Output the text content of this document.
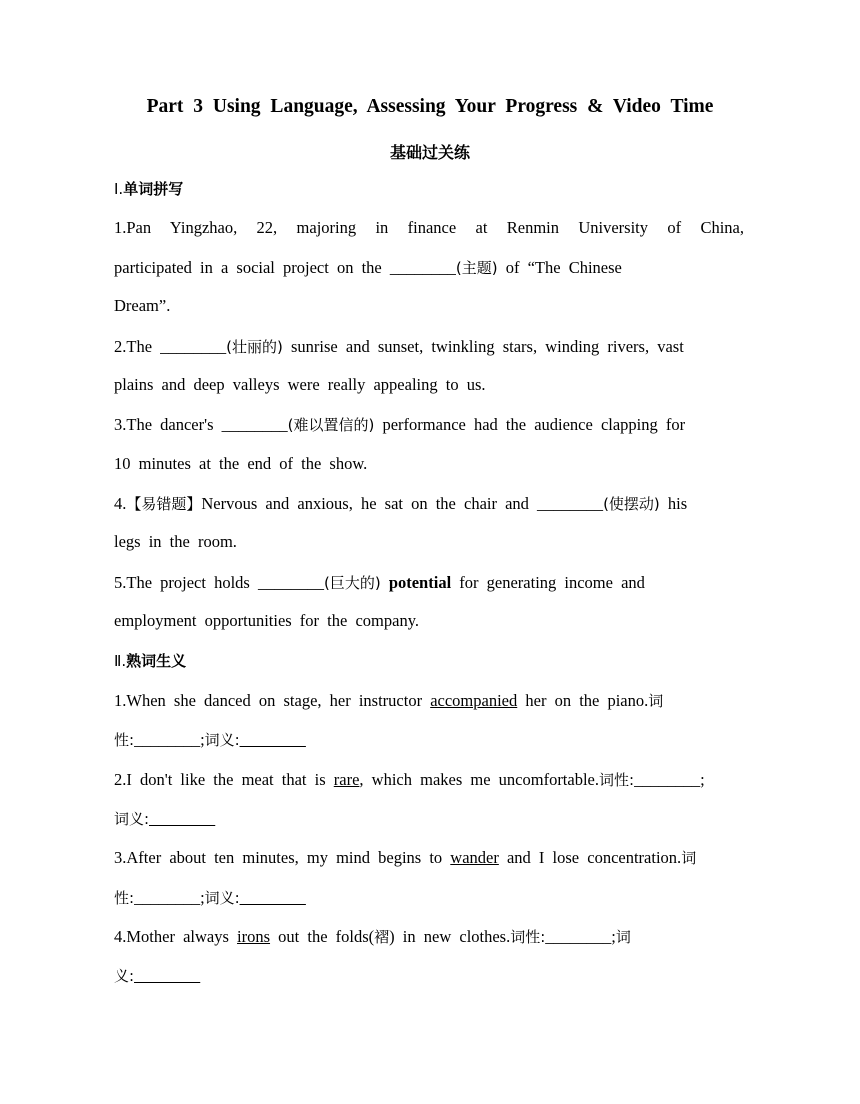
Part 3 Using Language, Assessing Your Progress & Video Time
基础过关练
Ⅰ.单词拼写
1.Pan Yingzhao, 22, majoring in finance at Renmin University of China,
participated in a social project on the ________(主题) of “The Chinese
Dream”.
2.The ________(壮丽的) sunrise and sunset, twinkling stars, winding rivers, vast
plains and deep valleys were really appealing to us.
3.The dancer's ________(难以置信的) performance had the audience clapping for
10 minutes at the end of the show.
4.【易错题】Nervous and anxious, he sat on the chair and ________(使摆动) his
legs in the room.
5.The project holds ________(巨大的) potential for generating income and
employment opportunities for the company.
Ⅱ.熟词生义
1.When she danced on stage, her instructor accompanied her on the piano.词
性:________;词义:________
2.I don't like the meat that is rare, which makes me uncomfortable.词性:________;
词义:________
3.After about ten minutes, my mind begins to wander and I lose concentration.词
性:________;词义:________
4.Mother always irons out the folds(褶) in new clothes.词性:________;词
义:________
